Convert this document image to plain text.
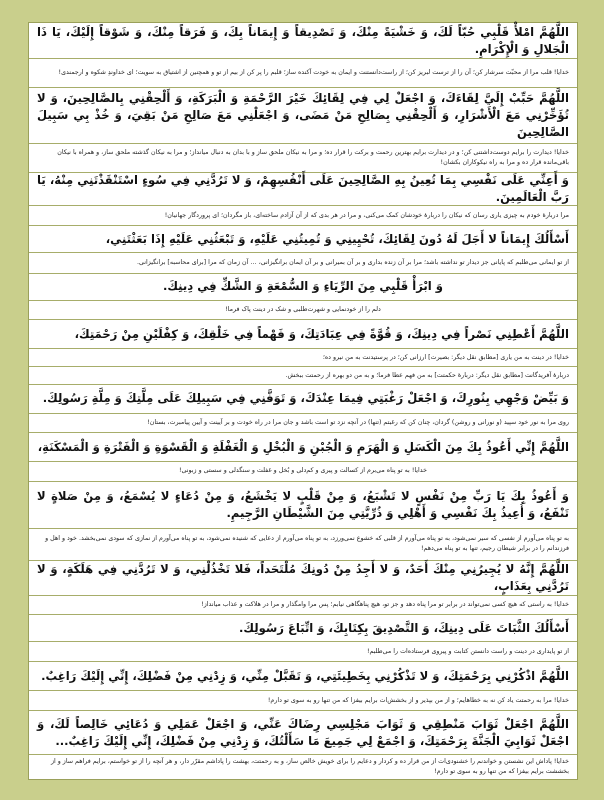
اللَّهُمَّ امْلأْ قَلْبِي حُبّاً لَكَ، وَ خَشْيَةً مِنْكَ، وَ تَصْدِيقاً وَ إِيمَاناً بِكَ، وَ فَرَقاً مِنْكَ، وَ شَوْقاً إِلَيْكَ، يَا ذَا الْجَلالِ وَ الْإِكْرَامِ.
خدایا! قلب مرا از محبّت سرشار کن؛ آن را از ترست لبریز کن؛ از راست‌دانستنت و ایمان به خودت آکنده ساز؛ قلبم را پر کن از بیم از تو و همچنین از اشتیاق به سویت؛ ای خداوندِ شکوه و ارجمندی!
اللَّهُمَّ حَبِّبْ إِلَيَّ لِقَاءَكَ، وَ اجْعَلْ لِي فِي لِقَائِكَ خَيْرَ الرَّحْمَةِ وَ الْبَرَكَةِ، وَ أَلْحِقْنِي بِالصَّالِحِينَ، وَ لا تُؤَخِّرْنِي مَعَ الْأَشْرَارِ، وَ أَلْحِقْنِي بِصَالِحِ مَنْ مَضَى، وَ اجْعَلْنِي مَعَ صَالِحِ مَنْ بَقِيَ، وَ خُذْ بِي سَبِيلَ الصَّالِحِينَ
خدایا! دیدارت را برایم دوست‌داشتنی کن؛ و در دیدارت برایم بهترین رحمت و برکت را قرار ده؛ و مرا به نیکان ملحق ساز و با بدان به دنبال میانداز؛ و مرا به نیکان گذشته ملحق ساز، و همراه با نیکان باقی‌مانده قرار ده و مرا به راه نیکوکاران بکشان!
وَ أَعِنِّي عَلَى نَفْسِي بِمَا تُعِينُ بِهِ الصَّالِحِينَ عَلَى أَنْفُسِهِمْ، وَ لا تَرُدَّنِي فِي سُوءٍ اسْتَنْقَذْتَنِي مِنْهُ، يَا رَبَّ الْعَالَمِينَ.
مرا دربارهٔ خودم به چیزی یاری رسان که نیکان را دربارهٔ خودشان کمک می‌کنی، و مرا در هر بدی که از آن آزادم ساخته‌ای، باز مگردان؛ ای پروردگار جهانیان!
أَسْأَلُكَ إِيمَاناً لا أَجَلَ لَهُ دُونَ لِقَائِكَ، تُحْيِينِي وَ تُمِيتُنِي عَلَيْهِ، وَ تَبْعَثُنِي عَلَيْهِ إِذَا بَعَثْتَنِي،
از تو ایمانی می‌طلبم که پایانی جز دیدار تو نداشته باشد؛ مرا بر آن زنده بداری و بر آن بمیرانی و بر آن ایمان برانگیزانی، … آن زمان که مرا [برای محاسبه] برانگیزانی.
وَ ابْرَأْ قَلْبِي مِنَ الرِّيَاءِ وَ السُّمْعَةِ وَ الشَّكِّ فِي دِينِكَ.
دلم را از خودنمایی و شهرت‌طلبی و شک در دینت پاک فرما!
اللَّهُمَّ أَعْطِنِي نَصْراً فِي دِينِكَ، وَ قُوَّةً فِي عِبَادَتِكَ، وَ فَهْماً فِي خَلْقِكَ، وَ كِفْلَيْنِ مِنْ رَحْمَتِكَ،
خدایا! در دینت به من یاری [مطابق نقل دیگر: بصیرت] ارزانی کن؛ در پرستیدنت به من نیرو ده؛
دربارهٔ آفریدگانت [مطابق نقل دیگر: دربارهٔ حکمتت] به من فهم عطا فرما؛ و به من دو بهره از رحمتت ببخش.
وَ بَيِّضْ وَجْهِي بِنُورِكَ، وَ اجْعَلْ رَغْبَتِي فِيمَا عِنْدَكَ، وَ تَوَفَّنِي فِي سَبِيلِكَ عَلَى مِلَّتِكَ وَ مِلَّةِ رَسُولِكَ.
روی مرا به نور خود سپید (و نورانی و روشن) گردان، چنان کن که رغبتم (تنها) در آنچه نزد تو است باشد و جان مرا در راه خودت و بر آیینت و آیین پیامبرت، بستان!
اللَّهُمَّ إِنِّي أَعُوذُ بِكَ مِنَ الْكَسَلِ وَ الْهَرَمِ وَ الْجُبْنِ وَ الْبُخْلِ وَ الْغَفْلَةِ وَ الْقَسْوَةِ وَ الْفَتْرَةِ وَ الْمَسْكَنَةِ،
خدایا! به تو پناه می‌برم از کسالت و پیری و کم‌دلی و بُخل و غفلت و سنگدلی و سستی و زبونی!
وَ أَعُوذُ بِكَ يَا رَبِّ مِنْ نَفْسٍ لا تَشْبَعُ، وَ مِنْ قَلْبٍ لا يَخْشَعُ، وَ مِنْ دُعَاءٍ لا يُسْمَعُ، وَ مِنْ صَلاةٍ لا تَنْفَعُ، وَ أُعِيذُ بِكَ نَفْسِي وَ أَهْلِي وَ ذُرِّيَّتِي مِنَ الشَّيْطَانِ الرَّجِيمِ.
به تو پناه می‌آورم از نفسی که سیر نمی‌شود، به تو پناه می‌آورم از قلبی که خشوع نمی‌ورزد، به تو پناه می‌آورم از دعایی که شنیده نمی‌شود، به تو پناه می‌آورم از نمازی که سودی نمی‌بخشد. خود و اهل و فرزندانم را در برابر شیطان رجیم، تنها به تو پناه می‌دهم!
اللَّهُمَّ إِنَّهُ لا يُجِيرُنِي مِنْكَ أَحَدٌ، وَ لا أَجِدُ مِنْ دُونِكَ مُلْتَحَداً، فَلا تَخْذُلْنِي، وَ لا تَرُدَّنِي فِي هَلَكَةٍ، وَ لا تَرُدَّنِي بِعَذَابٍ،
خدایا! به راستی که هیچ کسی نمی‌تواند در برابر تو مرا پناه دهد و جز تو، هیچ پناهگاهی نیابم؛ پس مرا وامگذار و مرا در هلاکت و عذاب میانداز!
أَسْأَلُكَ الثَّبَاتَ عَلَى دِينِكَ، وَ التَّصْدِيقَ بِكِتَابِكَ، وَ اتِّبَاعَ رَسُولِكَ.
از تو پایداری در دینت و راست دانستن کتابت و پیروی فرستاده‌ات را می‌طلبم!
اللَّهُمَّ اذْكُرْنِي بِرَحْمَتِكَ، وَ لا تَذْكُرْنِي بِخَطِيئَتِي، وَ تَقَبَّلْ مِنِّي، وَ زِدْنِي مِنْ فَضْلِكَ، إِنِّي إِلَيْكَ رَاغِبٌ.
خدایا! مرا به رحمتت یاد کن نه به خطاهایم؛ و از من بپذیر و از بخشش‌ات برایم بیفزا که من تنها رو به سوی تو دارم!
اللَّهُمَّ اجْعَلْ ثَوَابَ مَنْطِقِي وَ ثَوَابَ مَجْلِسِي رِضَاكَ عَنِّي، وَ اجْعَلْ عَمَلِي وَ دُعَائِي خَالِصاً لَكَ، وَ اجْعَلْ ثَوَابِيَ الْجَنَّةَ بِرَحْمَتِكَ، وَ اجْمَعْ لِي جَمِيعَ مَا سَأَلْتُكَ، وَ زِدْنِي مِنْ فَضْلِكَ، إِنِّي إِلَيْكَ رَاغِبٌ...
خدایا! پاداش این نشستن و خواندنم را خشنودی‌ات از من قرار ده و کردار و دعایم را برای خویش خالص ساز، و به رحمتت، بهشت را پاداشم مقرّر دار، و هر آنچه را از تو خواستم، برایم فراهم ساز و از بخششت برایم بیفزا که من تنها رو به سوی تو دارم!
